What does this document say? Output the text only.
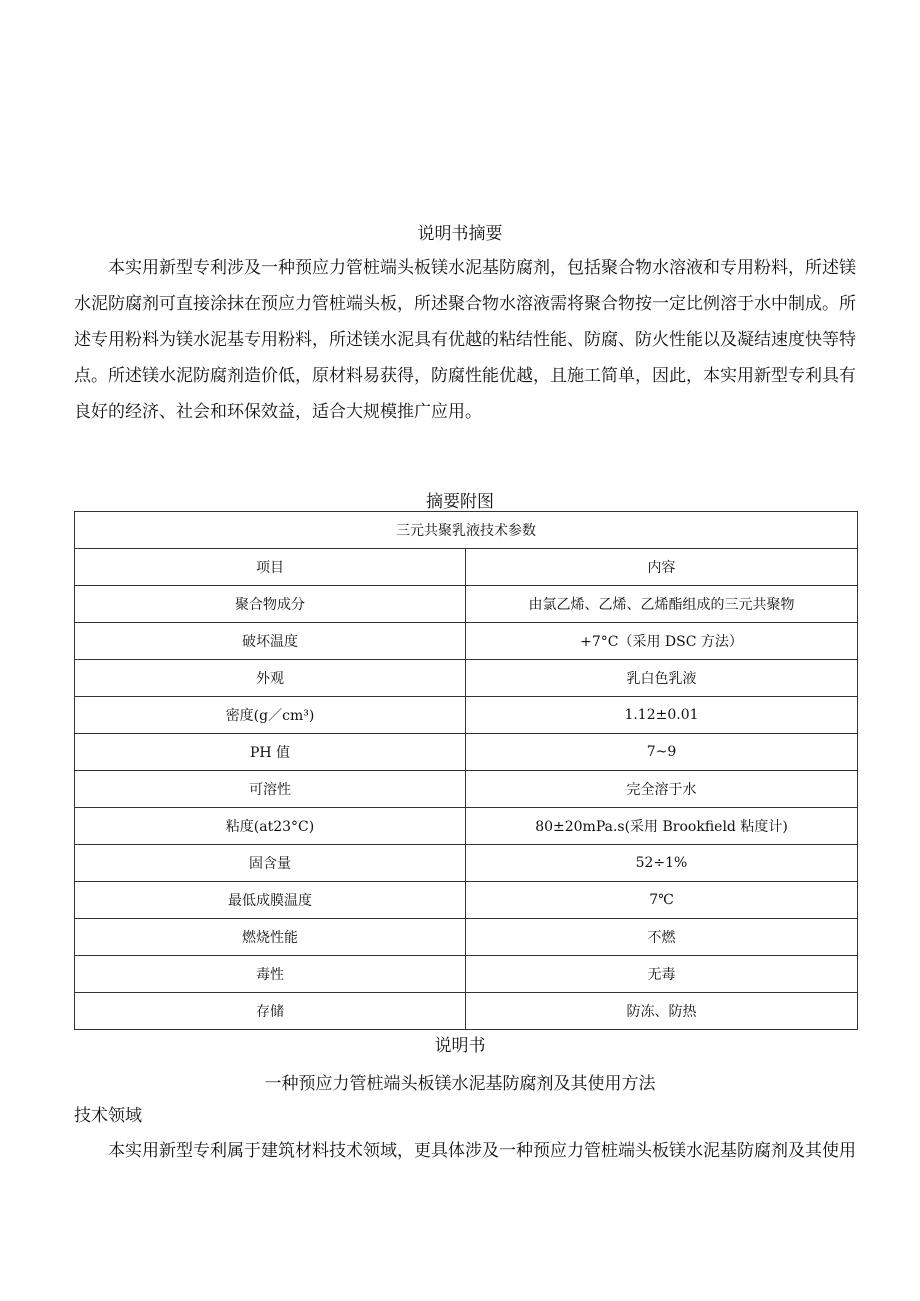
说明书摘要

本实用新型专利涉及一种预应力管桩端头板镁水泥基防腐剂，包括聚合物水溶液和专用粉料，所述镁水泥防腐剂可直接涂抹在预应力管桩端头板，所述聚合物水溶液需将聚合物按一定比例溶于水中制成。所述专用粉料为镁水泥基专用粉料，所述镁水泥具有优越的粘结性能、防腐、防火性能以及凝结速度快等特点。所述镁水泥防腐剂造价低，原材料易获得，防腐性能优越，且施工简单，因此，本实用新型专利具有良好的经济、社会和环保效益，适合大规模推广应用。

摘要附图
三元共聚乳液技术参数	
项目	内容
聚合物成分	由氯乙烯、乙烯、乙烯酯组成的三元共聚物
破坏温度	+7°C（采用 DSC 方法）
外观	乳白色乳液
密度(g／cm³)	1.12±0.01
PH 值	7~9
可溶性	完全溶于水
粘度(at23°C)	80±20mPa.s(采用 Brookfield 粘度计)
固含量	52÷1%
最低成膜温度	7℃
燃烧性能	不燃
毒性	无毒
存储	防冻、防热
说明书
一种预应力管桩端头板镁水泥基防腐剂及其使用方法
技术领域

本实用新型专利属于建筑材料技术领域，更具体涉及一种预应力管桩端头板镁水泥基防腐剂及其使用
